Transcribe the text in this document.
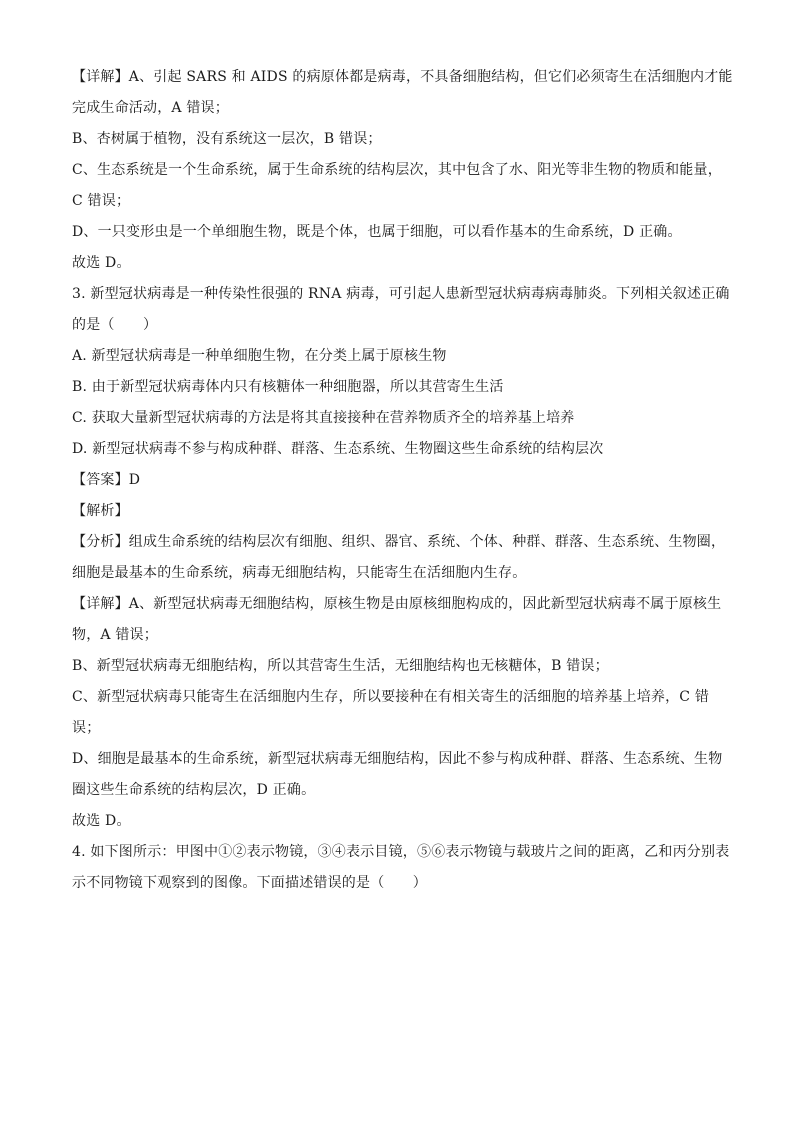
【详解】A、引起 SARS 和 AIDS 的病原体都是病毒，不具备细胞结构，但它们必须寄生在活细胞内才能
完成生命活动，A 错误；
B、杏树属于植物，没有系统这一层次，B 错误；
C、生态系统是一个生命系统，属于生命系统的结构层次，其中包含了水、阳光等非生物的物质和能量，
C 错误；
D、一只变形虫是一个单细胞生物，既是个体，也属于细胞，可以看作基本的生命系统，D 正确。
故选 D。
3. 新型冠状病毒是一种传染性很强的 RNA 病毒，可引起人患新型冠状病毒病毒肺炎。下列相关叙述正确
的是（　　）
A. 新型冠状病毒是一种单细胞生物，在分类上属于原核生物
B. 由于新型冠状病毒体内只有核糖体一种细胞器，所以其营寄生生活
C. 获取大量新型冠状病毒的方法是将其直接接种在营养物质齐全的培养基上培养
D. 新型冠状病毒不参与构成种群、群落、生态系统、生物圈这些生命系统的结构层次
【答案】D
【解析】
【分析】组成生命系统的结构层次有细胞、组织、器官、系统、个体、种群、群落、生态系统、生物圈，
细胞是最基本的生命系统，病毒无细胞结构，只能寄生在活细胞内生存。
【详解】A、新型冠状病毒无细胞结构，原核生物是由原核细胞构成的，因此新型冠状病毒不属于原核生
物，A 错误；
B、新型冠状病毒无细胞结构，所以其营寄生生活，无细胞结构也无核糖体，B 错误；
C、新型冠状病毒只能寄生在活细胞内生存，所以要接种在有相关寄生的活细胞的培养基上培养，C 错
误；
D、细胞是最基本的生命系统，新型冠状病毒无细胞结构，因此不参与构成种群、群落、生态系统、生物
圈这些生命系统的结构层次，D 正确。
故选 D。
4. 如下图所示：甲图中①②表示物镜，③④表示目镜，⑤⑥表示物镜与载玻片之间的距离，乙和丙分别表
示不同物镜下观察到的图像。下面描述错误的是（　　）
